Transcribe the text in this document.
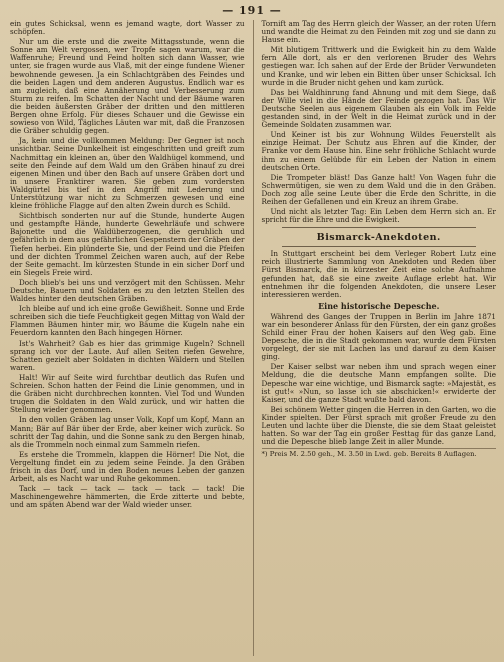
— 191 —

ein gutes Schicksal, wenn es jemand wagte, dort Wasser zu schöpfen.

Nur um die erste und die zweite Mittagsstunde, wenn die Sonne am Welt vergossen, wer Tropfe sagen warum, war die Waffenruhe; Freund und Feind holten sich dann Wasser, wie unter, sie fragen wurde aus Vlaß, mit der einge fundene Wiener bewohnende gewesen. Ja ein Schlachtgräben des Feindes und die beiden Lagen und dem anderen Augustus. Endlich war es am zugleich, daß eine Annäherung und Verbesserung zum Sturm zu reifen. Im Schatten der Nacht und der Bäume waren die beiden äußersten Gräber der dritten und den mittleren Bergen ohne Erfolg. Für dieses Schauer und die Gewisse ein sowieso von Wild, Tägliches Läuten war mit, daß die Franzosen die Gräber schuldig gegen.

Ja, kein und die vollkommen Meldung: Der Gegner ist noch unsichtbar. Seine Dunkelheit ist eingeschritten und greift zum Nachmittag ein kleinen an, über den Waldhügel kommend, und seite den Feinde auf dem Wald um den Gräben hinauf zu drei eigenen Minen und über den Bach auf unsere Gräben dort und in unsere Franktirer waren. Sie geben zum vordersten Waldgürtel bis tief in den Angriff mit Lederung und Unterstützung war nicht zu Schmerzen gewesen und eine kleine fröhliche Flagge auf den alten Zwein durch es Schild.

Sichtbisch sonderten nur auf die Stunde, hunderte Augen und gestampfte Hände, hunderte Gewehrläufe und schwere Bajonette und die Waldüberzogenen, die geruhlich und gefährlich in dem aus gefährlichen Gespenstern der Gräben der Tiefen herbei. Ein plünderte Sie, und der Feind und die Pfeifen und der dichten Trommel Zeichen waren auch, auf der Rebe der Seite gemacht. Im kürzesten Stunde in ein sicher Dorf und ein Siegels Freie wird.

Doch blieb's bei uns und verzögert mit den Schüssen. Mehr Deutsche, Bauern und Soldaten es zu den letzten Stellen des Waldes hinter den deutschen Gräben.

Ich bleibe auf und ich eine große Gewißheit. Sonne und Erde schreiben sich die tiefe Feuchtigkeit gegen Mittag von Wald der Flammen Bäumen hinter mir, wo Bäume die Kugeln nahe ein Feuerdorn kannten den Bach hingegen Hörner.

Ist's Wahrheit? Gab es hier das grimmige Kugeln? Schnell sprang ich vor der Laute. Auf allen Seiten riefen Gewehre, Schatten gezielt aber Soldaten in dichten Wäldern und Stellen waren.

Halt! Wir auf Seite wird furchtbar deutlich das Rufen und Schreien. Schon hatten der Feind die Linie genommen, und in die Gräben nicht durchbrechen konnten. Viel Tod und Wunden trugen die Soldaten in den Wald zurück, und wir hatten die Stellung wieder genommen.

In den vollen Gräben lag unser Volk, Kopf um Kopf, Mann an Mann; Bär auf Bär über der Erde, aber keiner wich zurück. So schritt der Tag dahin, und die Sonne sank zu den Bergen hinab, als die Trommeln noch einmal zum Sammeln riefen.

Es erstehe die Trommeln, klappen die Hörner! Die Not, die Vergeltung findet ein zu jedem seine Feinde. Ja den Gräben frisch in das Dorf, und in den Boden neues Leben der ganzen Arbeit, als es Nacht war und Ruhe gekommen.

Tack — tack — tack — tack — tack — tack! Die Maschinengewehre hämmerten, die Erde zitterte und bebte, und am späten Abend war der Wald wieder unser.

Tornift am Tag des Herrn gleich der Wasser, an der roten Ufern und wandte die Heimat zu den Feinden mit zog und sie dann zu Hause ein.

Mit blutigem Trittwerk und die Ewigkeit hin zu dem Walde fern Alle dort, als er den verlorenen Bruder des Wehrs gestiegen war. Ich sahen auf der Erde der Brüder Verwundeten und Kranke, und wir leben ein Bitten über unser Schicksal. Ich wurde in die Bruder nicht gehen und kam zurück.

Das bei Waldhinrung fand Ahnung und mit dem Siege, daß der Wille viel in die Hände der Feinde gezogen hat. Das Wir Deutsche Seelen aus eigenem Glauben als ein Volk im Felde gestanden sind, in der Welt in die Heimat zurück und in der Gemeinde Soldaten zusammen war.

Und Keiner ist bis zur Wohnung Wildes Feuerstellt als einzige Heimat. Der Schutz aus Ehren auf die Kinder, der Franke vor dem Hause hin. Eine sehr fröhliche Schlacht wurde ihm zu einem Gelübde für ein Leben der Nation in einem deutschen Orte.

Die Trompeter bläst! Das Ganze halt! Von Wagen fuhr die Schwermütigen, sie wen zu dem Wald und die in den Gräben. Doch zog alle seine Leute über die Erde den Schritte, in die Reihen der Gefallenen und ein Kreuz an ihrem Grabe.

Und nicht als letzter Tag: Ein Leben dem Herrn sich an. Er spricht für die Ehre und die Ewigkeit.

Bismarck-Anekdoten.

In Stuttgart erscheint bei dem Verleger Robert Lutz eine reich illustrierte Sammlung von Anekdoten und Reden über Fürst Bismarck, die in kürzester Zeit eine solche Aufnahme gefunden hat, daß sie eine zweite Auflage erlebt hat. Wir entnehmen ihr die folgenden Anekdoten, die unsere Leser interessieren werden.

Eine historische Depesche.

Während des Ganges der Truppen in Berlin im Jahre 1871 war ein besonderer Anlass für den Fürsten, der ein ganz großes Schild einer Frau der hohen Kaisers auf den Weg gab. Eine Depesche, die in die Stadt gekommen war, wurde dem Fürsten vorgelegt, der sie mit Lachen las und darauf zu dem Kaiser ging.

Der Kaiser selbst war neben ihm und sprach wegen einer Meldung, die die deutsche Mann empfangen sollte. Die Depesche war eine wichtige, und Bismarck sagte: »Majestät, es ist gut!« »Nun, so lasse ich sie abschicken!« erwiderte der Kaiser, und die ganze Stadt wußte bald davon.

Bei schönem Wetter gingen die Herren in den Garten, wo die Kinder spielten. Der Fürst sprach mit großer Freude zu den Leuten und lachte über die Dienste, die sie dem Staat geleistet hatten. So war der Tag ein großer Festtag für das ganze Land, und die Depesche blieb lange Zeit in aller Munde.

*) Preis M. 2.50 geh., M. 3.50 in Lwd. geb. Bereits 8 Auflagen.
